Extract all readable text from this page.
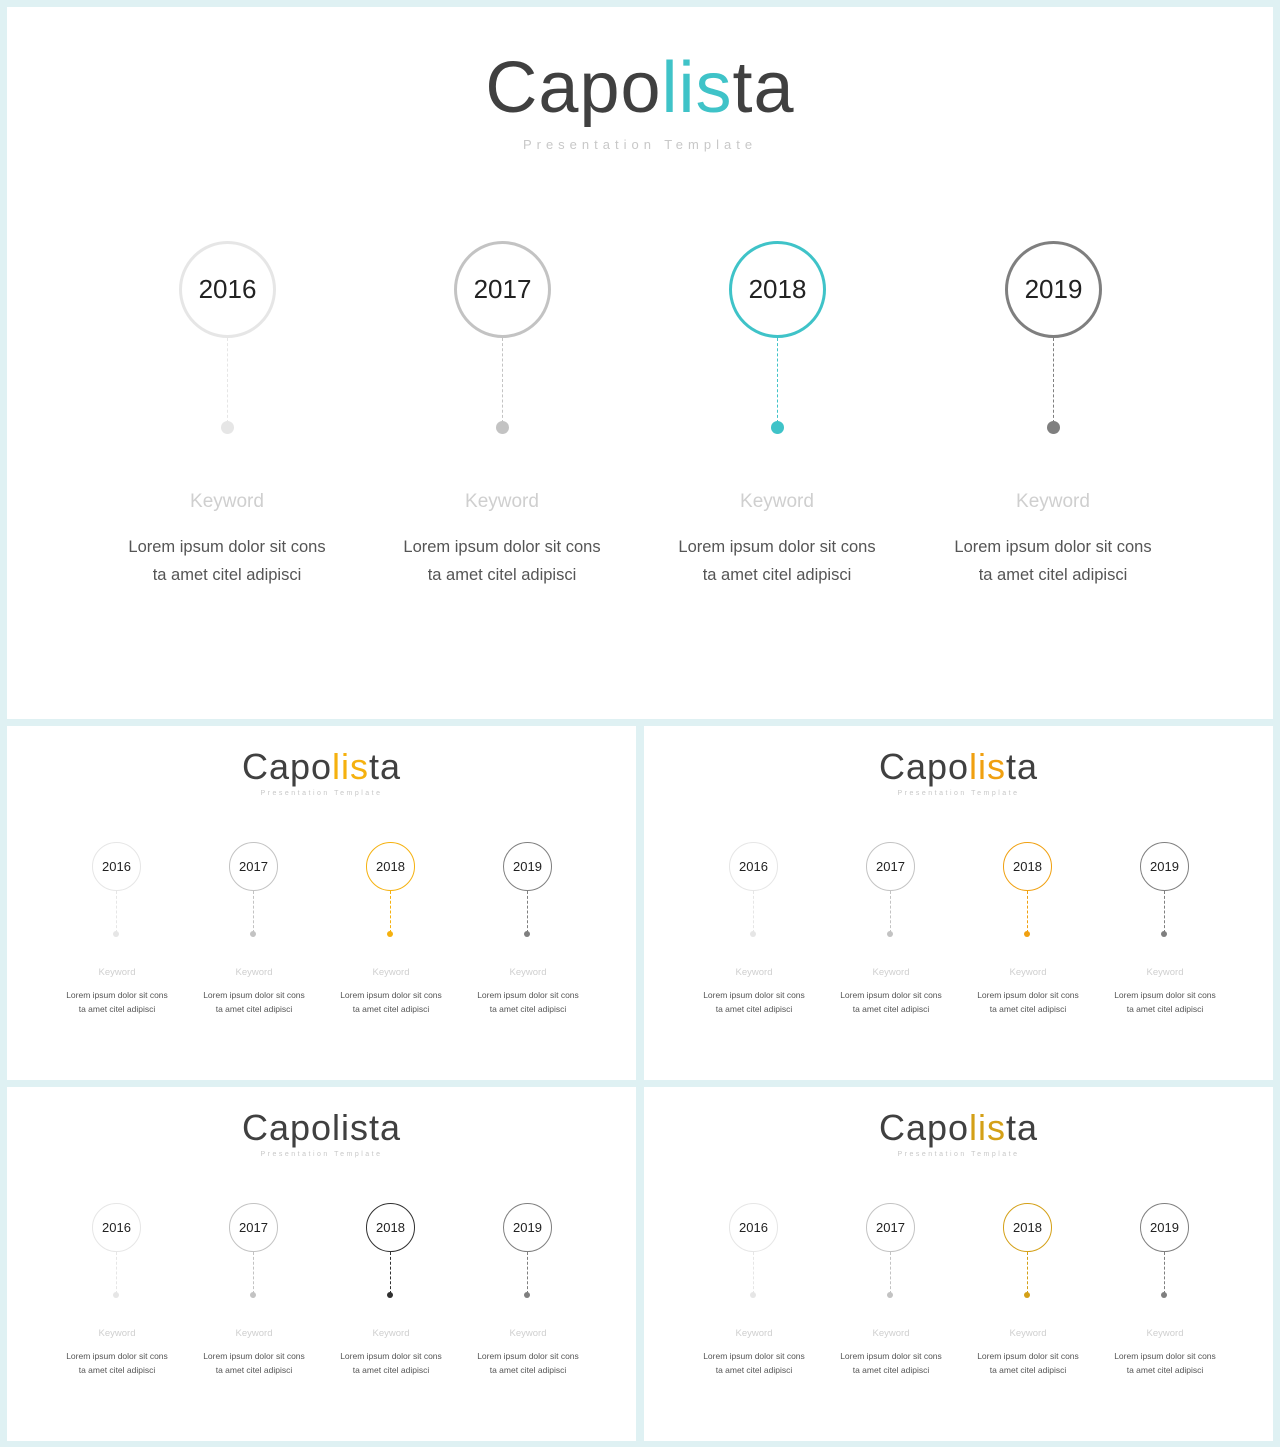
Capolista
Presentation Template
2016
Keyword
Lorem ipsum dolor sit cons
ta amet citel adipisci
2017
Keyword
Lorem ipsum dolor sit cons
ta amet citel adipisci
2018
Keyword
Lorem ipsum dolor sit cons
ta amet citel adipisci
2019
Keyword
Lorem ipsum dolor sit cons
ta amet citel adipisci
Capolista
Presentation Template
2016
Keyword
Lorem ipsum dolor sit cons
ta amet citel adipisci
2017
Keyword
Lorem ipsum dolor sit cons
ta amet citel adipisci
2018
Keyword
Lorem ipsum dolor sit cons
ta amet citel adipisci
2019
Keyword
Lorem ipsum dolor sit cons
ta amet citel adipisci
Capolista
Presentation Template
2016
Keyword
Lorem ipsum dolor sit cons
ta amet citel adipisci
2017
Keyword
Lorem ipsum dolor sit cons
ta amet citel adipisci
2018
Keyword
Lorem ipsum dolor sit cons
ta amet citel adipisci
2019
Keyword
Lorem ipsum dolor sit cons
ta amet citel adipisci
Capolista
Presentation Template
2016
Keyword
Lorem ipsum dolor sit cons
ta amet citel adipisci
2017
Keyword
Lorem ipsum dolor sit cons
ta amet citel adipisci
2018
Keyword
Lorem ipsum dolor sit cons
ta amet citel adipisci
2019
Keyword
Lorem ipsum dolor sit cons
ta amet citel adipisci
Capolista
Presentation Template
2016
Keyword
Lorem ipsum dolor sit cons
ta amet citel adipisci
2017
Keyword
Lorem ipsum dolor sit cons
ta amet citel adipisci
2018
Keyword
Lorem ipsum dolor sit cons
ta amet citel adipisci
2019
Keyword
Lorem ipsum dolor sit cons
ta amet citel adipisci
